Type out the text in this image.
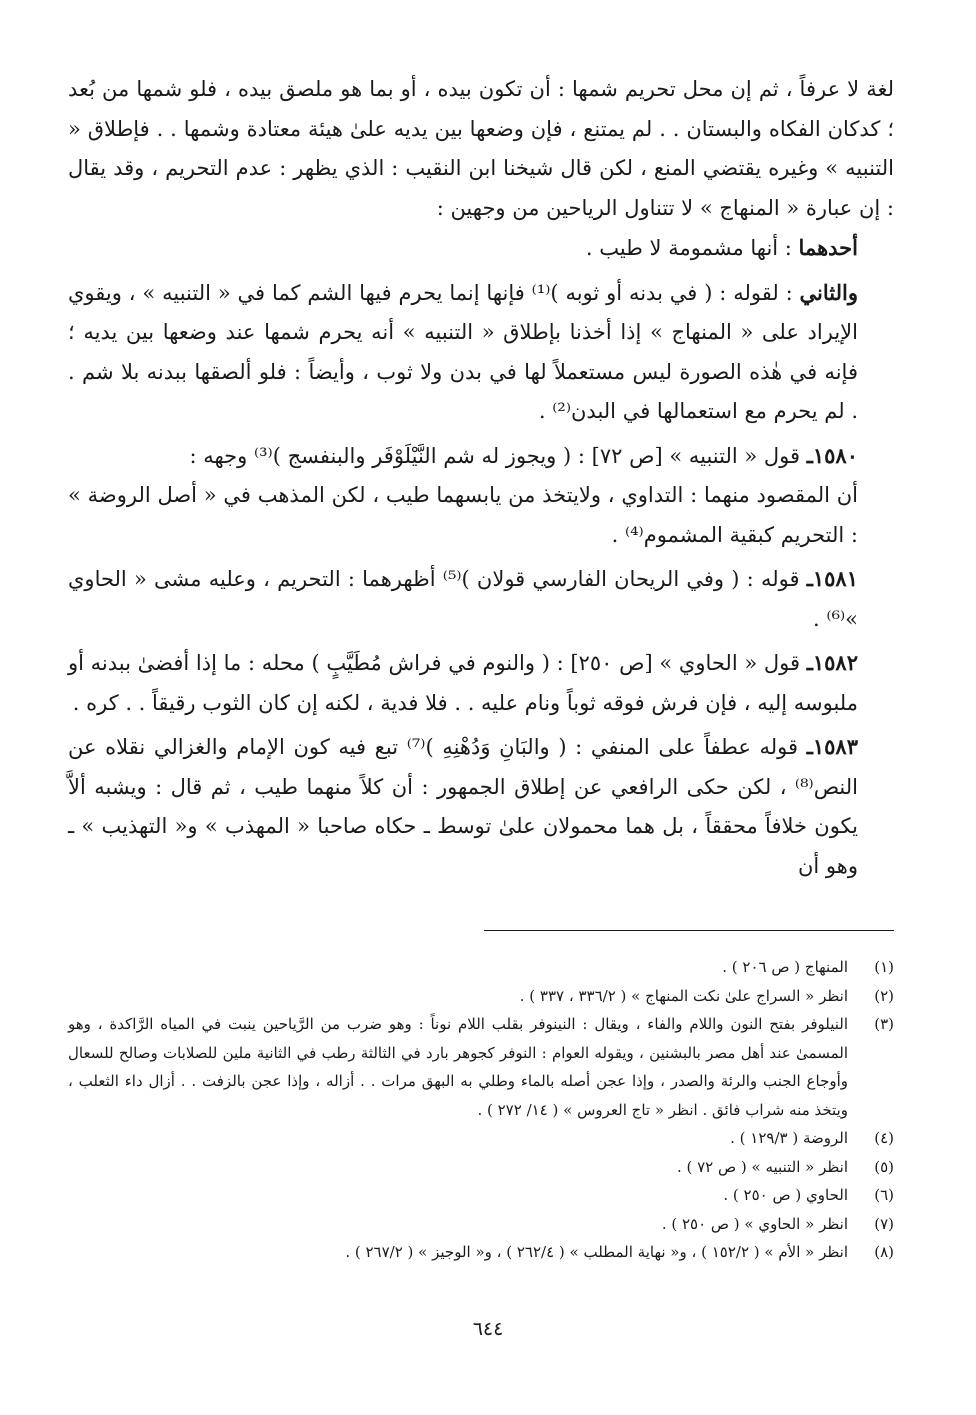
لغة لا عرفاً ، ثم إن محل تحريم شمها : أن تكون بيده ، أو بما هو ملصق بيده ، فلو شمها من بُعد ؛ كدكان الفكاه والبستان . . لم يمتنع ، فإن وضعها بين يديه علىٰ هيئة معتادة وشمها . . فإطلاق « التنبيه » وغيره يقتضي المنع ، لكن قال شيخنا ابن النقيب : الذي يظهر : عدم التحريم ، وقد يقال : إن عبارة « المنهاج » لا تتناول الرياحين من وجهين :

أحدهما : أنها مشمومة لا طيب .

والثاني : لقوله : ( في بدنه أو ثوبه )⁽¹⁾ فإنها إنما يحرم فيها الشم كما في « التنبيه » ، ويقوي الإيراد على « المنهاج » إذا أخذنا بإطلاق « التنبيه » أنه يحرم شمها عند وضعها بين يديه ؛ فإنه في هٰذه الصورة ليس مستعملاً لها في بدن ولا ثوب ، وأيضاً : فلو ألصقها ببدنه بلا شم . . لم يحرم مع استعمالها في البدن⁽²⁾ .

١٥٨٠ـ قول « التنبيه » [ص ٧٢] : ( ويجوز له شم النَّيْلَوْفَر والبنفسج )⁽³⁾ وجهه :

أن المقصود منهما : التداوي ، ولايتخذ من يابسهما طيب ، لكن المذهب في « أصل الروضة » : التحريم كبقية المشموم⁽⁴⁾ .

١٥٨١ـ قوله : ( وفي الريحان الفارسي قولان )⁽⁵⁾ أظهرهما : التحريم ، وعليه مشى « الحاوي »⁽⁶⁾ .

١٥٨٢ـ قول « الحاوي » [ص ٢٥٠] : ( والنوم في فراش مُطَيَّبٍ ) محله : ما إذا أفضىٰ ببدنه أو ملبوسه إليه ، فإن فرش فوقه ثوباً ونام عليه . . فلا فدية ، لكنه إن كان الثوب رقيقاً . . كره .

١٥٨٣ـ قوله عطفاً على المنفي : ( والبَانِ وَدُهْنِهِ )⁽⁷⁾ تبع فيه كون الإمام والغزالي نقلاه عن النص⁽⁸⁾ ، لكن حكى الرافعي عن إطلاق الجمهور : أن كلاً منهما طيب ، ثم قال : ويشبه ألاَّ يكون خلافاً محققاً ، بل هما محمولان علىٰ توسط ـ حكاه صاحبا « المهذب » و« التهذيب » ـ وهو أن

(١)
المنهاج ( ص ٢٠٦ ) .
(٢)
انظر « السراج علىٰ نكت المنهاج » ( ٣٣٦/٢ ، ٣٣٧ ) .
(٣)
النيلوفر بفتح النون واللام والفاء ، ويقال : النينوفر بقلب اللام نوناً : وهو ضرب من الرَّياحين ينبت في المياه الرَّاكدة ، وهو المسمىٰ عند أهل مصر بالبشنين ، ويقوله العوام : النوفر كجوهر بارد في الثالثة رطب في الثانية ملين للصلابات وصالح للسعال وأوجاع الجنب والرئة والصدر ، وإذا عجن أصله بالماء وطلي به البهق مرات . . أزاله ، وإذا عجن بالزفت . . أزال داء الثعلب ، ويتخذ منه شراب فائق . انظر « تاج العروس » ( ١٤/ ٢٧٢ ) .
(٤)
الروضة ( ١٢٩/٣ ) .
(٥)
انظر « التنبيه » ( ص ٧٢ ) .
(٦)
الحاوي ( ص ٢٥٠ ) .
(٧)
انظر « الحاوي » ( ص ٢٥٠ ) .
(٨)
انظر « الأم » ( ١٥٢/٢ ) ، و« نهاية المطلب » ( ٢٦٢/٤ ) ، و« الوجيز » ( ٢٦٧/٢ ) .
٦٤٤
